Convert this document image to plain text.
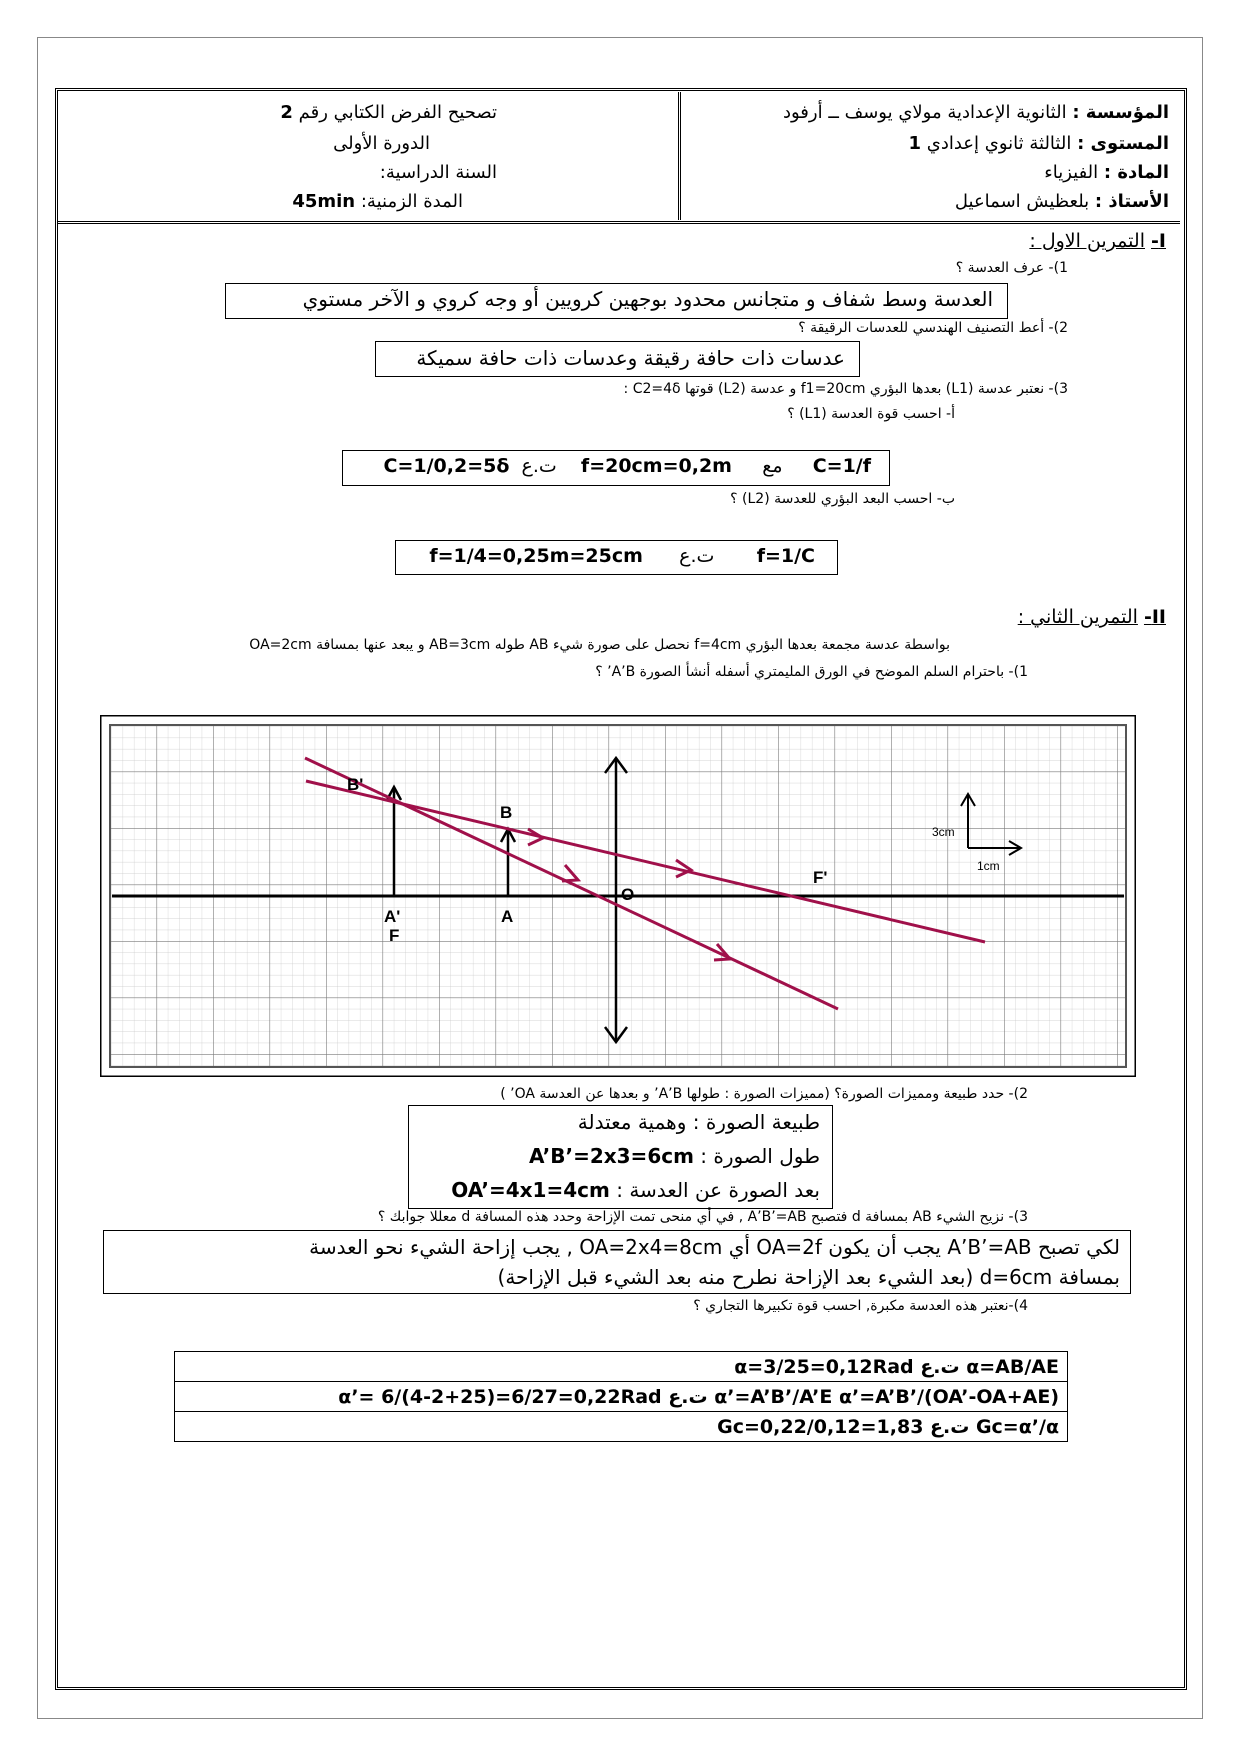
المؤسسة : الثانوية الإعدادية مولاي يوسف ــ أرفود
المستوى : الثالثة ثانوي إعدادي 1
المادة : الفيزياء
الأستاذ : بلعظيش اسماعيل
تصحيح الفرض الكتابي رقم 2
الدورة الأولى
السنة الدراسية:
المدة الزمنية: 45min
I- التمرين الاول :
1)- عرف العدسة ؟
العدسة وسط شفاف و متجانس محدود بوجهين كرويين أو وجه كروي و الآخر مستوي
2)- أعط التصنيف الهندسي للعدسات الرقيقة ؟
عدسات ذات حافة رقيقة وعدسات ذات حافة سميكة
3)- نعتبر عدسة (L1) بعدها البؤري f1=20cm و عدسة (L2) قوتها C2=4δ :
أ- احسب قوة العدسة (L1) ؟
C=1/f     مع     f=20cm=0,2m    ت.ع  C=1/0,2=5δ
ب- احسب البعد البؤري للعدسة (L2) ؟
f=1/C       ت.ع      f=1/4=0,25m=25cm
II- التمرين الثاني :
بواسطة عدسة مجمعة بعدها البؤري f=4cm نحصل على صورة شيء AB طوله AB=3cm و يبعد عنها بمسافة OA=2cm
1)- باحترام السلم الموضح في الورق المليمتري أسفله أنشأ الصورة A’B’ ؟
B'
B
O
F'
A'
F
A
3cm
1cm
2)- حدد طبيعة ومميزات الصورة؟ (مميزات الصورة : طولها A’B’ و بعدها عن العدسة OA’ )
طبيعة الصورة : وهمية معتدلة
طول الصورة : A’B’=2x3=6cm
بعد الصورة عن العدسة : OA’=4x1=4cm
3)- نزيح الشيء AB بمسافة d فتصبح A’B’=AB , في أي منحى تمت الإزاحة وحدد هذه المسافة d معللا جوابك ؟
لكي تصبح A’B’=AB يجب أن يكون OA=2f أي OA=2x4=8cm , يجب إزاحة الشيء نحو العدسة
بمسافة d=6cm (بعد الشيء بعد الإزاحة نطرح منه بعد الشيء قبل الإزاحة)
4)-نعتبر هذه العدسة مكبرة, احسب قوة تكبيرها التجاري ؟
α=AB/AE ت.ع α=3/25=0,12Rad
α’=A’B’/A’E α’=A’B’/(OA’-OA+AE) ت.ع α’= 6/(4-2+25)=6/27=0,22Rad
Gc=α’/α ت.ع Gc=0,22/0,12=1,83
